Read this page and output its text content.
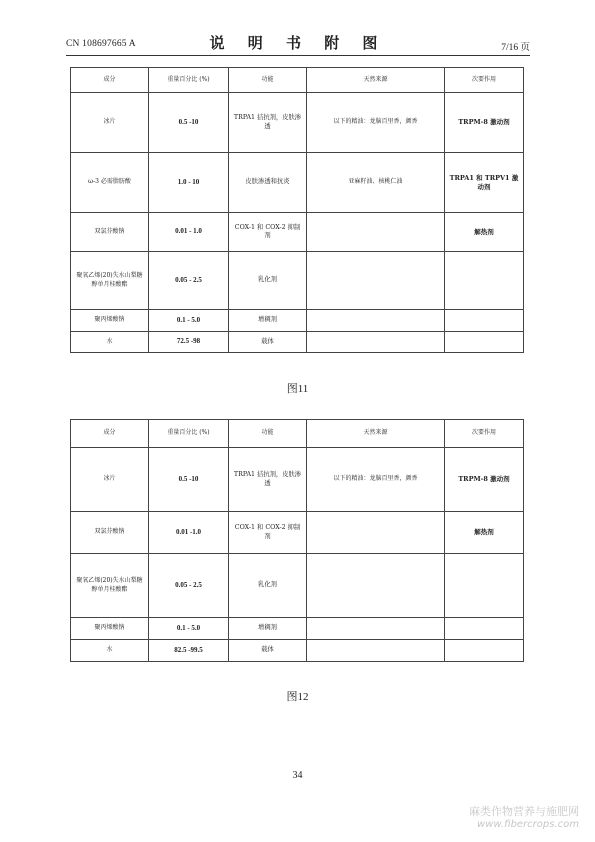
CN 108697665 A	说 明 书 附 图	7/16 页
成分	重量百分比 (%)	功能	天然来源	次要作用
冰片	0.5 -10	TRPA1 拮抗剂，皮肤渗透	以下的精油：龙脑百里香，颜香	TRPM-8 激动剂
ω-3 必需脂肪酸	1.0 - 10	皮肤渗透和抗炎	亚麻籽油、核桃仁油	TRPA1 和 TRPV1 激动剂
双氯芬酸钠	0.01 - 1.0	COX-1 和 COX-2 抑制剂		解热剂
聚氧乙烯(20)失水山梨糖醇单月桂酸酯	0.05 - 2.5	乳化剂		
聚丙烯酸钠	0.1 - 5.0	增稠剂		
水	72.5 -98	载体		
图11
成分	重量百分比 (%)	功能	天然来源	次要作用
冰片	0.5 -10	TRPA1 拮抗剂，皮肤渗透	以下的精油：龙脑百里香，颜香	TRPM-8 激动剂
双氯芬酸钠	0.01 -1.0	COX-1 和 COX-2 抑制剂		解热剂
聚氧乙烯(20)失水山梨糖醇单月桂酸酯	0.05 - 2.5	乳化剂		
聚丙烯酸钠	0.1 - 5.0	增稠剂		
水	82.5 -99.5	载体		
图12
34
麻类作物营养与施肥网
www.fibercrops.com
